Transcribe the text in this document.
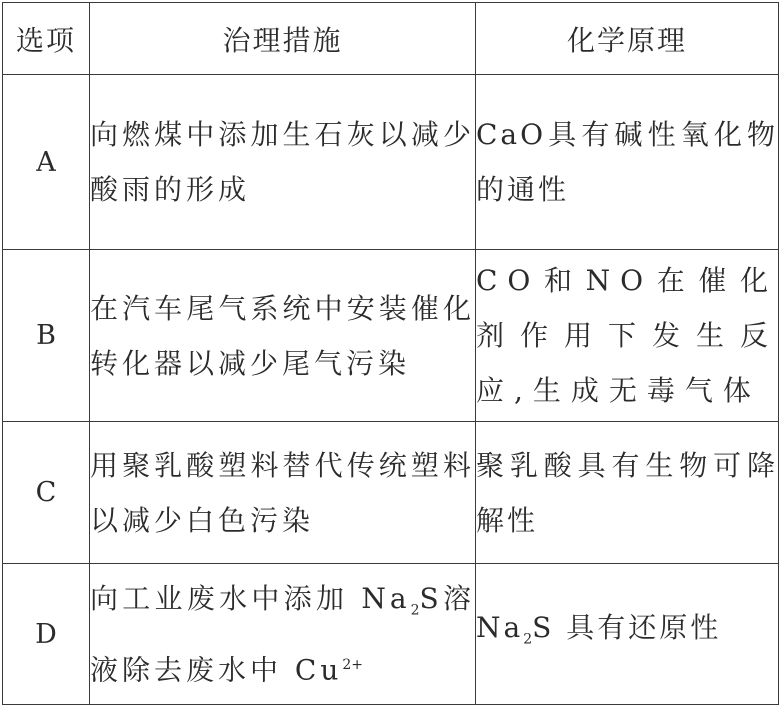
选项	治理措施	化学原理
A	向燃煤中添加生石灰以减少酸雨的形成	CaO具有碱性氧化物的通性
B	在汽车尾气系统中安装催化转化器以减少尾气污染	CO和NO在催化剂作用下发生反应,生成无毒气体
C	用聚乳酸塑料替代传统塑料以减少白色污染	聚乳酸具有生物可降解性
D	向工业废水中添加 $Na_2S$溶液除去废水中 $Cu^{2+}$	$Na_2S$ 具有还原性
